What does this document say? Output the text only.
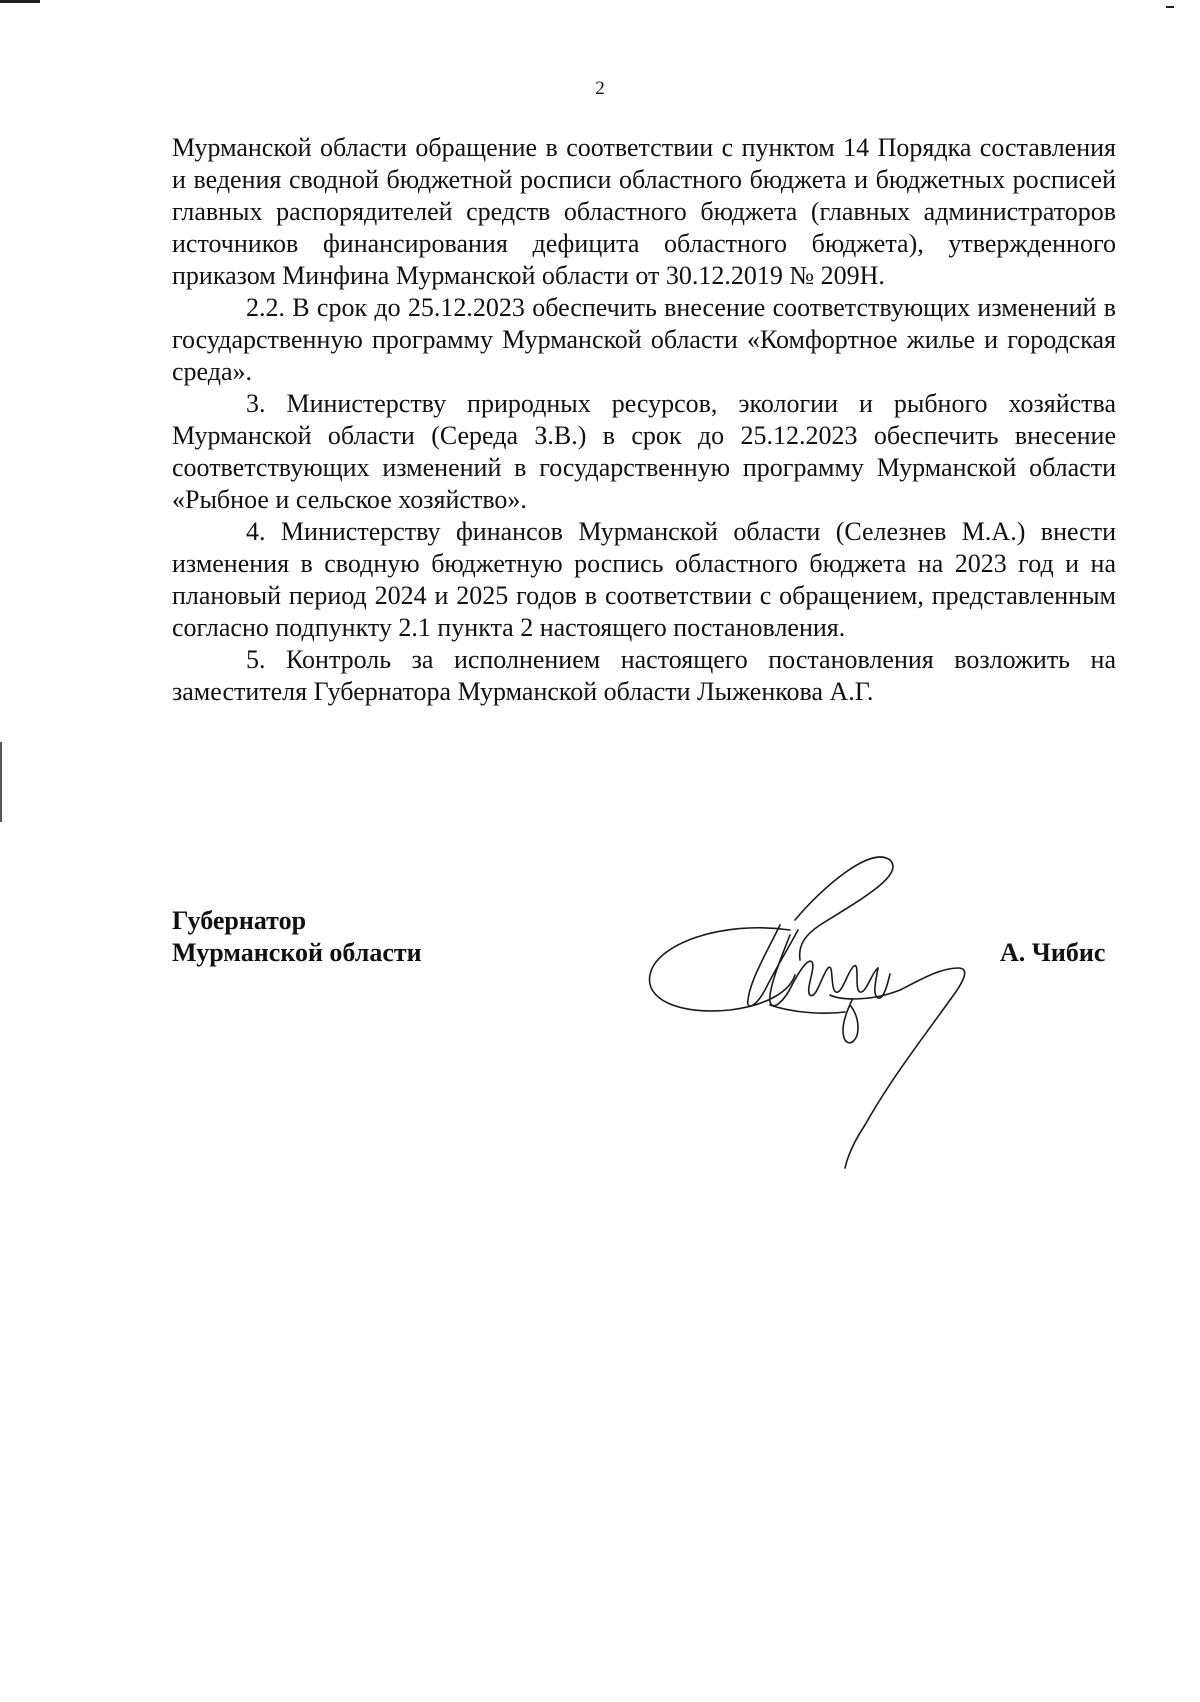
2

Мурманской области обращение в соответствии с пунктом 14 Порядка составления и ведения сводной бюджетной росписи областного бюджета и бюджетных росписей главных распорядителей средств областного бюджета (главных администраторов источников финансирования дефицита областного бюджета), утвержденного приказом Минфина Мурманской области от 30.12.2019 № 209Н.

2.2. В срок до 25.12.2023 обеспечить внесение соответствующих изменений в государственную программу Мурманской области «Комфортное жилье и городская среда».

3. Министерству природных ресурсов, экологии и рыбного хозяйства Мурманской области (Середа З.В.) в срок до 25.12.2023 обеспечить внесение соответствующих изменений в государственную программу Мурманской области «Рыбное и сельское хозяйство».

4. Министерству финансов Мурманской области (Селезнев М.А.) внести изменения в сводную бюджетную роспись областного бюджета на 2023 год и на плановый период 2024 и 2025 годов в соответствии с обращением, представленным согласно подпункту 2.1 пункта 2 настоящего постановления.

5. Контроль за исполнением настоящего постановления возложить на заместителя Губернатора Мурманской области Лыженкова А.Г.

Губернатор
Мурманской области	А. Чибис
